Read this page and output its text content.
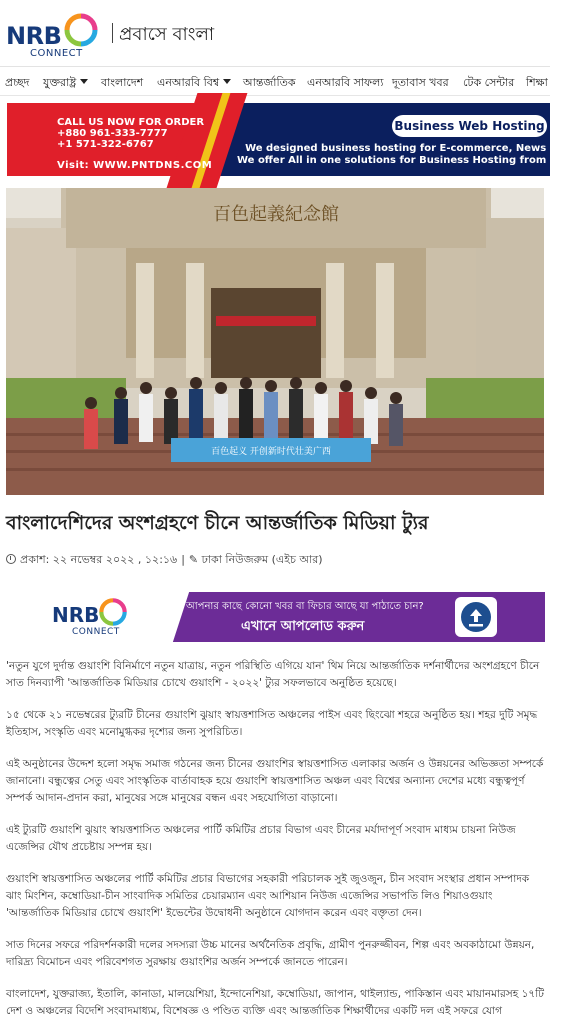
NRB
CONNECT
প্রবাসে বাংলা
প্রচ্ছদ যুক্তরাষ্ট্র	বাংলাদেশ এনআরবি বিশ্ব	আন্তর্জাতিক এনআরবি সাফল্য দূতাবাস খবর টেক সেন্টার শিক্ষা
CALL US NOW FOR ORDER
+880 961-333-7777
+1 571-322-6767
Visit: WWW.PNTDNS.COM
Business Web Hosting
We designed business hosting for E-commerce, News P
We offer All in one solutions for Business Hosting from our ow
百色起義紀念館
百色起义 开创新时代壮美广西
বাংলাদেশিদের অংশগ্রহণে চীনে আন্তর্জাতিক মিডিয়া ট্যুর
প্রকাশ: ২২ নভেম্বর ২০২২ , ১২:১৬ | ✎ ঢাকা নিউজরুম (এইচ আর)
NRB
CONNECT
আপনার কাছে কোনো খবর বা ফিচার আছে যা পাঠাতে চান?
এখানে আপলোড করুন

'নতুন যুগে দুর্দান্ত গুয়াংশি বিনির্মাণে নতুন যাত্রায়, নতুন পরিস্থিতি এগিয়ে যান' থিম নিয়ে আন্তর্জাতিক দর্শনার্থীদের অংশগ্রহণে চীনে সাত দিনব্যাপী 'আন্তর্জাতিক মিডিয়ার চোখে গুয়াংশি - ২০২২' ট্যুর সফলভাবে অনুষ্ঠিত হয়েছে।

১৫ থেকে ২১ নভেম্বরের ট্যুরটি চীনের গুয়াংশি ঝুয়াং স্বায়ত্তশাসিত অঞ্চলের পাইস এবং ছিংঝো শহরে অনুষ্ঠিত হয়। শহর দুটি সমৃদ্ধ ইতিহাস, সংস্কৃতি এবং মনোমুগ্ধকর দৃশ্যের জন্য সুপরিচিত।

এই অনুষ্ঠানের উদ্দেশ হলো সমৃদ্ধ সমাজ গঠনের জন্য চীনের গুয়াংশির স্বায়ত্তশাসিত এলাকার অর্জন ও উন্নয়নের অভিজ্ঞতা সম্পর্কে জানানো। বন্ধুত্বের সেতু এবং সাংস্কৃতিক বার্তাবাহক হয়ে গুয়াংশি স্বায়ত্তশাসিত অঞ্চল এবং বিশ্বের অন্যান্য দেশের মধ্যে বন্ধুত্বপূর্ণ সম্পর্ক আদান-প্রদান করা, মানুষের সঙ্গে মানুষের বন্ধন এবং সহযোগিতা বাড়ানো।

এই ট্যুরটি গুয়াংশি ঝুয়াং স্বায়ত্তশাসিত অঞ্চলের পার্টি কমিটির প্রচার বিভাগ এবং চীনের মর্যাদাপূর্ণ সংবাদ মাধ্যম চায়না নিউজ এজেন্সির যৌথ প্রচেষ্টায় সম্পন্ন হয়।

গুয়াংশি স্বায়ত্তশাসিত অঞ্চলের পার্টি কমিটির প্রচার বিভাগের সহকারী পরিচালক সুই জুওজুন, চীন সংবাদ সংস্থার প্রধান সম্পাদক ঝাং মিংশিন, কম্বোডিয়া-চীন সাংবাদিক সমিতির চেয়ারম্যান এবং আশিয়ান নিউজ এজেন্সির সভাপতি লিও শিয়াওগুয়াং 'আন্তর্জাতিক মিডিয়ার চোখে গুয়াংশি' ইভেন্টের উদ্বোধনী অনুষ্ঠানে যোগদান করেন এবং বক্তৃতা দেন।

সাত দিনের সফরে পরিদর্শনকারী দলের সদস্যরা উচ্চ মানের অর্থনৈতিক প্রবৃদ্ধি, গ্রামীণ পুনরুজ্জীবন, শিল্প এবং অবকাঠামো উন্নয়ন, দারিদ্র্য বিমোচন এবং পরিবেশগত সুরক্ষায় গুয়াংশির অর্জন সম্পর্কে জানতে পারেন।

বাংলাদেশ, যুক্তরাজ্য, ইতালি, কানাডা, মালয়েশিয়া, ইন্দোনেশিয়া, কম্বোডিয়া, জাপান, থাইল্যান্ড, পাকিস্তান এবং মায়ানমারসহ ১৭টি দেশ ও অঞ্চলের বিদেশি সংবাদমাধ্যম, বিশেষজ্ঞ ও পণ্ডিত ব্যক্তি এবং আন্তর্জাতিক শিক্ষার্থীদের একটি দল এই সফরে যোগ
